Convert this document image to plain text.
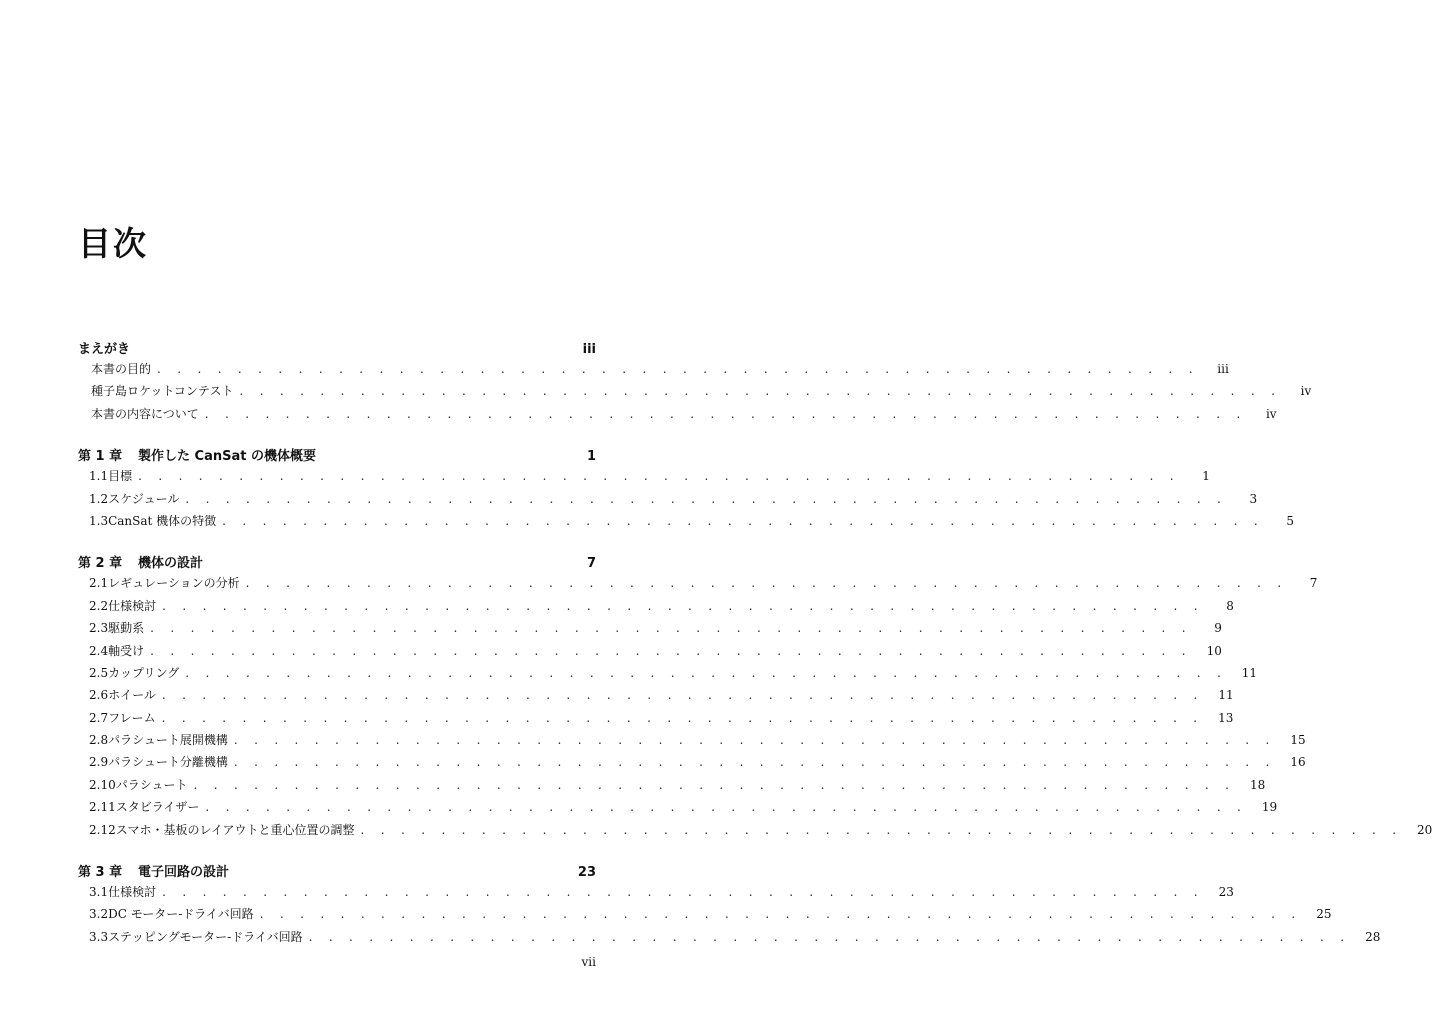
目次
まえがき	iii
本書の目的 . . . . . . . . . . . . . . . . . . . . . . . . . . . . . . . . . . . . . . . . . . . . . . . . . . . .	iii
種子島ロケットコンテスト . . . . . . . . . . . . . . . . . . . . . . . . . . . . . . . . . . . . . . . . . . . . . . . . . . . .	iv
本書の内容について . . . . . . . . . . . . . . . . . . . . . . . . . . . . . . . . . . . . . . . . . . . . . . . . . . . .	iv
第 1 章	製作した CanSat の機体概要	1
1.1 目標 . . . . . . . . . . . . . . . . . . . . . . . . . . . . . . . . . . . . . . . . . . . . . . . . . . . .	1
1.2 スケジュール . . . . . . . . . . . . . . . . . . . . . . . . . . . . . . . . . . . . . . . . . . . . . . . . . . . .	3
1.3 CanSat 機体の特徴 . . . . . . . . . . . . . . . . . . . . . . . . . . . . . . . . . . . . . . . . . . . . . . . . . . . .	5
第 2 章	機体の設計	7
2.1 レギュレーションの分析 . . . . . . . . . . . . . . . . . . . . . . . . . . . . . . . . . . . . . . . . . . . . . . . . . . . .	7
2.2 仕様検討 . . . . . . . . . . . . . . . . . . . . . . . . . . . . . . . . . . . . . . . . . . . . . . . . . . . .	8
2.3 駆動系 . . . . . . . . . . . . . . . . . . . . . . . . . . . . . . . . . . . . . . . . . . . . . . . . . . . .	9
2.4 軸受け . . . . . . . . . . . . . . . . . . . . . . . . . . . . . . . . . . . . . . . . . . . . . . . . . . . .	10
2.5 カップリング . . . . . . . . . . . . . . . . . . . . . . . . . . . . . . . . . . . . . . . . . . . . . . . . . . . .	11
2.6 ホイール . . . . . . . . . . . . . . . . . . . . . . . . . . . . . . . . . . . . . . . . . . . . . . . . . . . .	11
2.7 フレーム . . . . . . . . . . . . . . . . . . . . . . . . . . . . . . . . . . . . . . . . . . . . . . . . . . . .	13
2.8 パラシュート展開機構 . . . . . . . . . . . . . . . . . . . . . . . . . . . . . . . . . . . . . . . . . . . . . . . . . . . .	15
2.9 パラシュート分離機構 . . . . . . . . . . . . . . . . . . . . . . . . . . . . . . . . . . . . . . . . . . . . . . . . . . . .	16
2.10 パラシュート . . . . . . . . . . . . . . . . . . . . . . . . . . . . . . . . . . . . . . . . . . . . . . . . . . . .	18
2.11 スタビライザー . . . . . . . . . . . . . . . . . . . . . . . . . . . . . . . . . . . . . . . . . . . . . . . . . . . .	19
2.12 スマホ・基板のレイアウトと重心位置の調整 . . . . . . . . . . . . . . . . . . . . . . . . . . . . . . . . . . . . . . . . . . . . . . . . . . . .	20
第 3 章	電子回路の設計	23
3.1 仕様検討 . . . . . . . . . . . . . . . . . . . . . . . . . . . . . . . . . . . . . . . . . . . . . . . . . . . .	23
3.2 DC モーター-ドライバ回路 . . . . . . . . . . . . . . . . . . . . . . . . . . . . . . . . . . . . . . . . . . . . . . . . . . . .	25
3.3 ステッピングモーター-ドライバ回路 . . . . . . . . . . . . . . . . . . . . . . . . . . . . . . . . . . . . . . . . . . . . . . . . . . . .	28
vii
